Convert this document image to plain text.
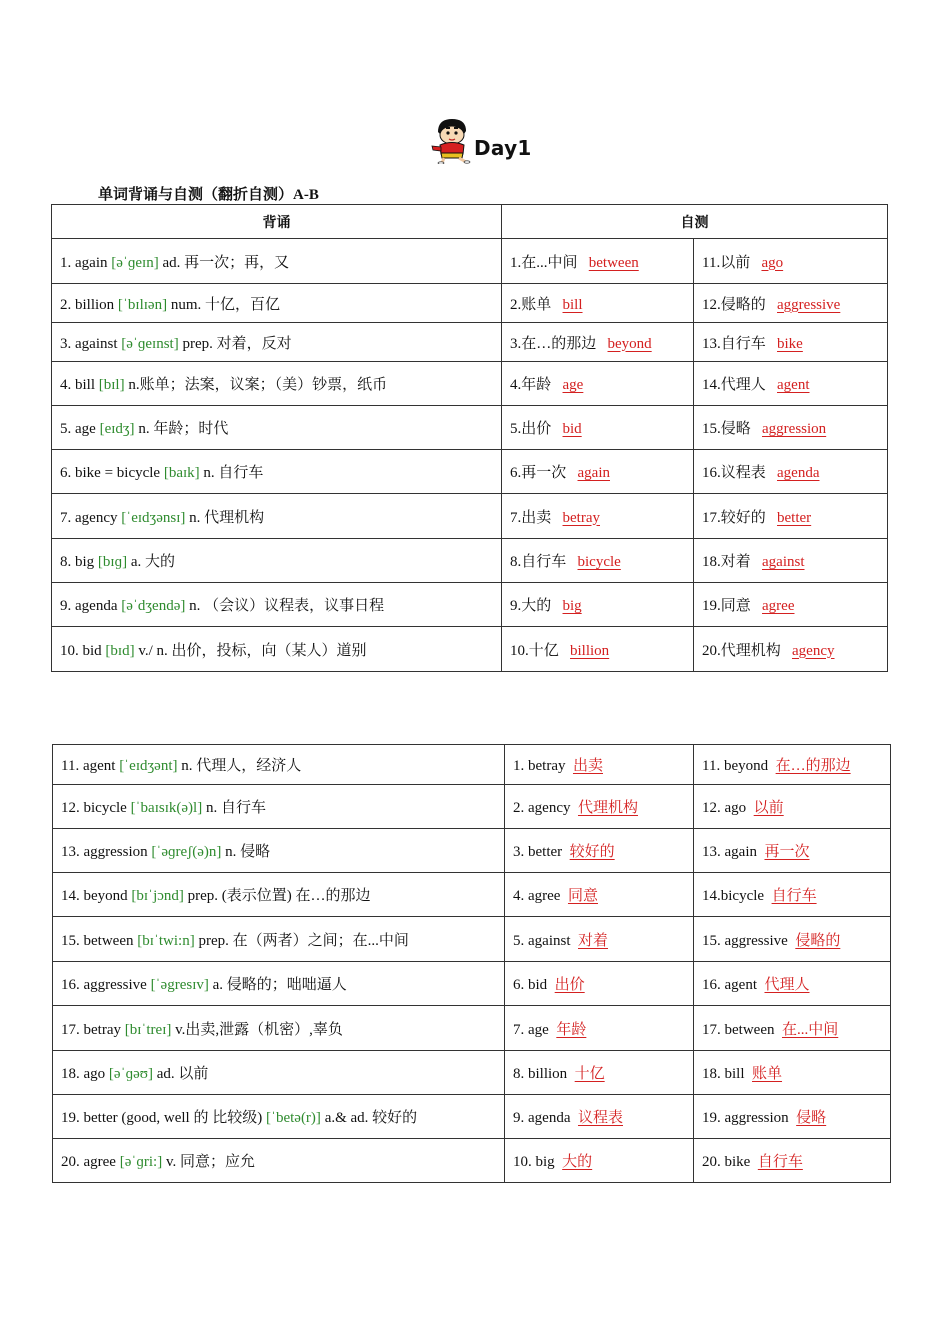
Day1
单词背诵与自测（翻折自测）A-B
背诵	自测	
1. again [əˈɡeɪn] ad. 再一次；再，又	1.在...中间 between	11.以前 ago
2. billion [ˈbɪlɪən] num. 十亿，百亿	2.账单 bill	12.侵略的 aggressive
3. against [əˈɡeɪnst] prep. 对着，反对	3.在…的那边 beyond	13.自行车 bike
4. bill [bɪl] n.账单；法案，议案；（美）钞票，纸币	4.年龄 age	14.代理人 agent
5. age [eɪdʒ] n. 年龄；时代	5.出价 bid	15.侵略 aggression
6. bike = bicycle [baɪk] n. 自行车	6.再一次 again	16.议程表 agenda
7. agency [ˈeɪdʒənsɪ] n. 代理机构	7.出卖 betray	17.较好的 better
8. big [bɪɡ] a. 大的	8.自行车 bicycle	18.对着 against
9. agenda [əˈdʒendə] n. （会议）议程表，议事日程	9.大的 big	19.同意 agree
10. bid [bɪd] v./ n. 出价，投标，向（某人）道别	10.十亿 billion	20.代理机构 agency
11. agent [ˈeɪdʒənt] n. 代理人，经济人	1. betray 出卖	11. beyond 在…的那边
12. bicycle [ˈbaɪsɪk(ə)l] n. 自行车	2. agency 代理机构	12. ago 以前
13. aggression [ˈəɡreʃ(ə)n] n. 侵略	3. better 较好的	13. again 再一次
14. beyond [bɪˈjɔnd] prep. (表示位置) 在…的那边	4. agree 同意	14.bicycle 自行车
15. between [bɪˈtwi:n] prep. 在（两者）之间；在...中间	5. against 对着	15. aggressive 侵略的
16. aggressive [ˈəgresɪv] a. 侵略的；咄咄逼人	6. bid 出价	16. agent 代理人
17. betray [bɪˈtreɪ] v.出卖,泄露（机密）,辜负	7. age 年龄	17. between 在...中间
18. ago [əˈɡəʊ] ad. 以前	8. billion 十亿	18. bill 账单
19. better (good, well 的 比较级) [ˈbetə(r)] a.& ad. 较好的	9. agenda 议程表	19. aggression 侵略
20. agree [əˈɡri:] v. 同意；应允	10. big 大的	20. bike 自行车
